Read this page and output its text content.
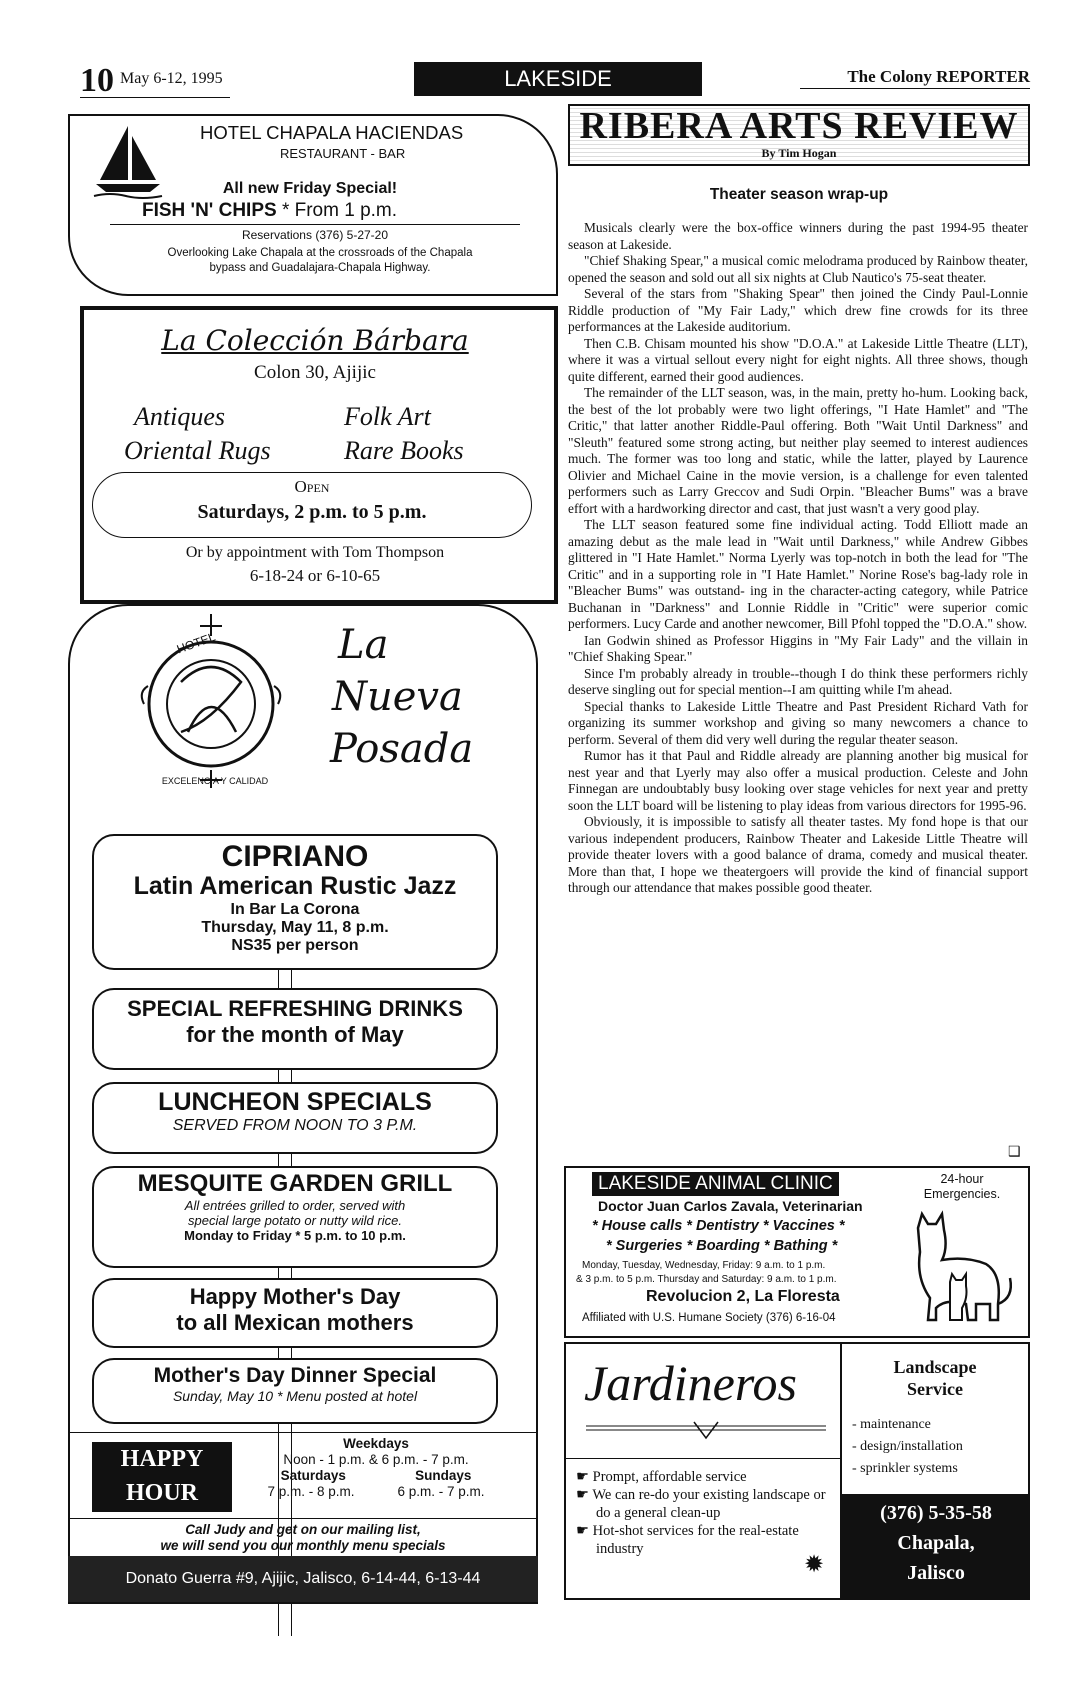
10 May 6-12, 1995	LAKESIDE	The Colony REPORTER
HOTEL CHAPALA HACIENDAS
RESTAURANT - BAR
All new Friday Special!
FISH 'N' CHIPS * From 1 p.m.
Reservations (376) 5-27-20
Overlooking Lake Chapala at the crossroads of the Chapala bypass and Guadalajara-Chapala Highway.
La Colección Bárbara
Colon 30, Ajijic
Antiques	Folk Art
Oriental Rugs	Rare Books
Open
Saturdays, 2 p.m. to 5 p.m.
Or by appointment with Tom Thompson
6-18-24 or 6-10-65
HOTEL
EXCELENCIA Y CALIDAD
La
Nueva
Posada
CIPRIANO
Latin American Rustic Jazz
In Bar La Corona
Thursday, May 11, 8 p.m.
NS35 per person
SPECIAL REFRESHING DRINKS
for the month of May
LUNCHEON SPECIALS
SERVED FROM NOON TO 3 P.M.
MESQUITE GARDEN GRILL
All entrées grilled to order, served with
special large potato or nutty wild rice.
Monday to Friday * 5 p.m. to 10 p.m.
Happy Mother's Day
to all Mexican mothers
Mother's Day Dinner Special
Sunday, May 10 * Menu posted at hotel
HAPPY
HOUR
Weekdays
Noon - 1 p.m. & 6 p.m. - 7 p.m.
Saturdays	Sundays
7 p.m. - 8 p.m.	6 p.m. - 7 p.m.
Call Judy and get on our mailing list,
we will send you our monthly menu specials
Donato Guerra #9, Ajijic, Jalisco, 6-14-44, 6-13-44
RIBERA ARTS REVIEW
By Tim Hogan
Theater season wrap-up

Musicals clearly were the box-office winners during the past 1994-95 theater season at Lakeside.

"Chief Shaking Spear," a musical comic melodrama produced by Rainbow theater, opened the season and sold out all six nights at Club Nautico's 75-seat theater.

Several of the stars from "Shaking Spear" then joined the Cindy Paul-Lonnie Riddle production of "My Fair Lady," which drew fine crowds for its three performances at the Lakeside auditorium.

Then C.B. Chisam mounted his show "D.O.A." at Lakeside Little Theatre (LLT), where it was a virtual sellout every night for eight nights. All three shows, though quite different, earned their good audiences.

The remainder of the LLT season, was, in the main, pretty ho-hum. Looking back, the best of the lot probably were two light offerings, "I Hate Hamlet" and "The Critic," that latter another Riddle-Paul offering. Both "Wait Until Darkness" and "Sleuth" featured some strong acting, but neither play seemed to interest audiences much. The former was too long and static, while the latter, played by Laurence Olivier and Michael Caine in the movie version, is a challenge for even talented performers such as Larry Greccov and Sudi Orpin. "Bleacher Bums" was a brave effort with a hardworking director and cast, that just wasn't a very good play.

The LLT season featured some fine individual acting. Todd Elliott made an amazing debut as the male lead in "Wait until Darkness," while Andrew Gibbes glittered in "I Hate Hamlet." Norma Lyerly was top-notch in both the lead for "The Critic" and in a supporting role in "I Hate Hamlet." Norine Rose's bag-lady role in "Bleacher Bums" was outstand- ing in the character-acting category, while Patrice Buchanan in "Darkness" and Lonnie Riddle in "Critic" were superior comic performers. Lucy Carde and another newcomer, Bill Pfohl topped the "D.O.A." show.

Ian Godwin shined as Professor Higgins in "My Fair Lady" and the villain in "Chief Shaking Spear."

Since I'm probably already in trouble--though I do think these performers richly deserve singling out for special mention--I am quitting while I'm ahead.

Special thanks to Lakeside Little Theatre and Past President Richard Vath for organizing its summer workshop and giving so many newcomers a chance to perform. Several of them did very well during the regular theater season.

Rumor has it that Paul and Riddle already are planning another big musical for nest year and that Lyerly may also offer a musical production. Celeste and John Finnegan are undoubtably busy looking over stage vehicles for next year and pretty soon the LLT board will be listening to play ideas from various directors for 1995-96.

Obviously, it is impossible to satisfy all theater tastes. My fond hope is that our various independent producers, Rainbow Theater and Lakeside Little Theatre will provide theater lovers with a good balance of drama, comedy and musical theater. More than that, I hope we theatergoers will provide the kind of financial support through our attendance that makes possible good theater.

❑
LAKESIDE ANIMAL CLINIC	24-hour Emergencies.
Doctor Juan Carlos Zavala, Veterinarian
* House calls * Dentistry * Vaccines *
* Surgeries * Boarding * Bathing *
Monday, Tuesday, Wednesday, Friday: 9 a.m. to 1 p.m.
& 3 p.m. to 5 p.m. Thursday and Saturday: 9 a.m. to 1 p.m.
Revolucion 2, La Floresta
Affiliated with U.S. Humane Society (376) 6-16-04
Jardineros
☛ Prompt, affordable service
☛ We can re-do your existing landscape or do a general clean-up
☛ Hot-shot services for the real-estate industry
✹
Landscape
Service
- maintenance
- design/installation
- sprinkler systems
(376) 5-35-58
Chapala,
Jalisco
